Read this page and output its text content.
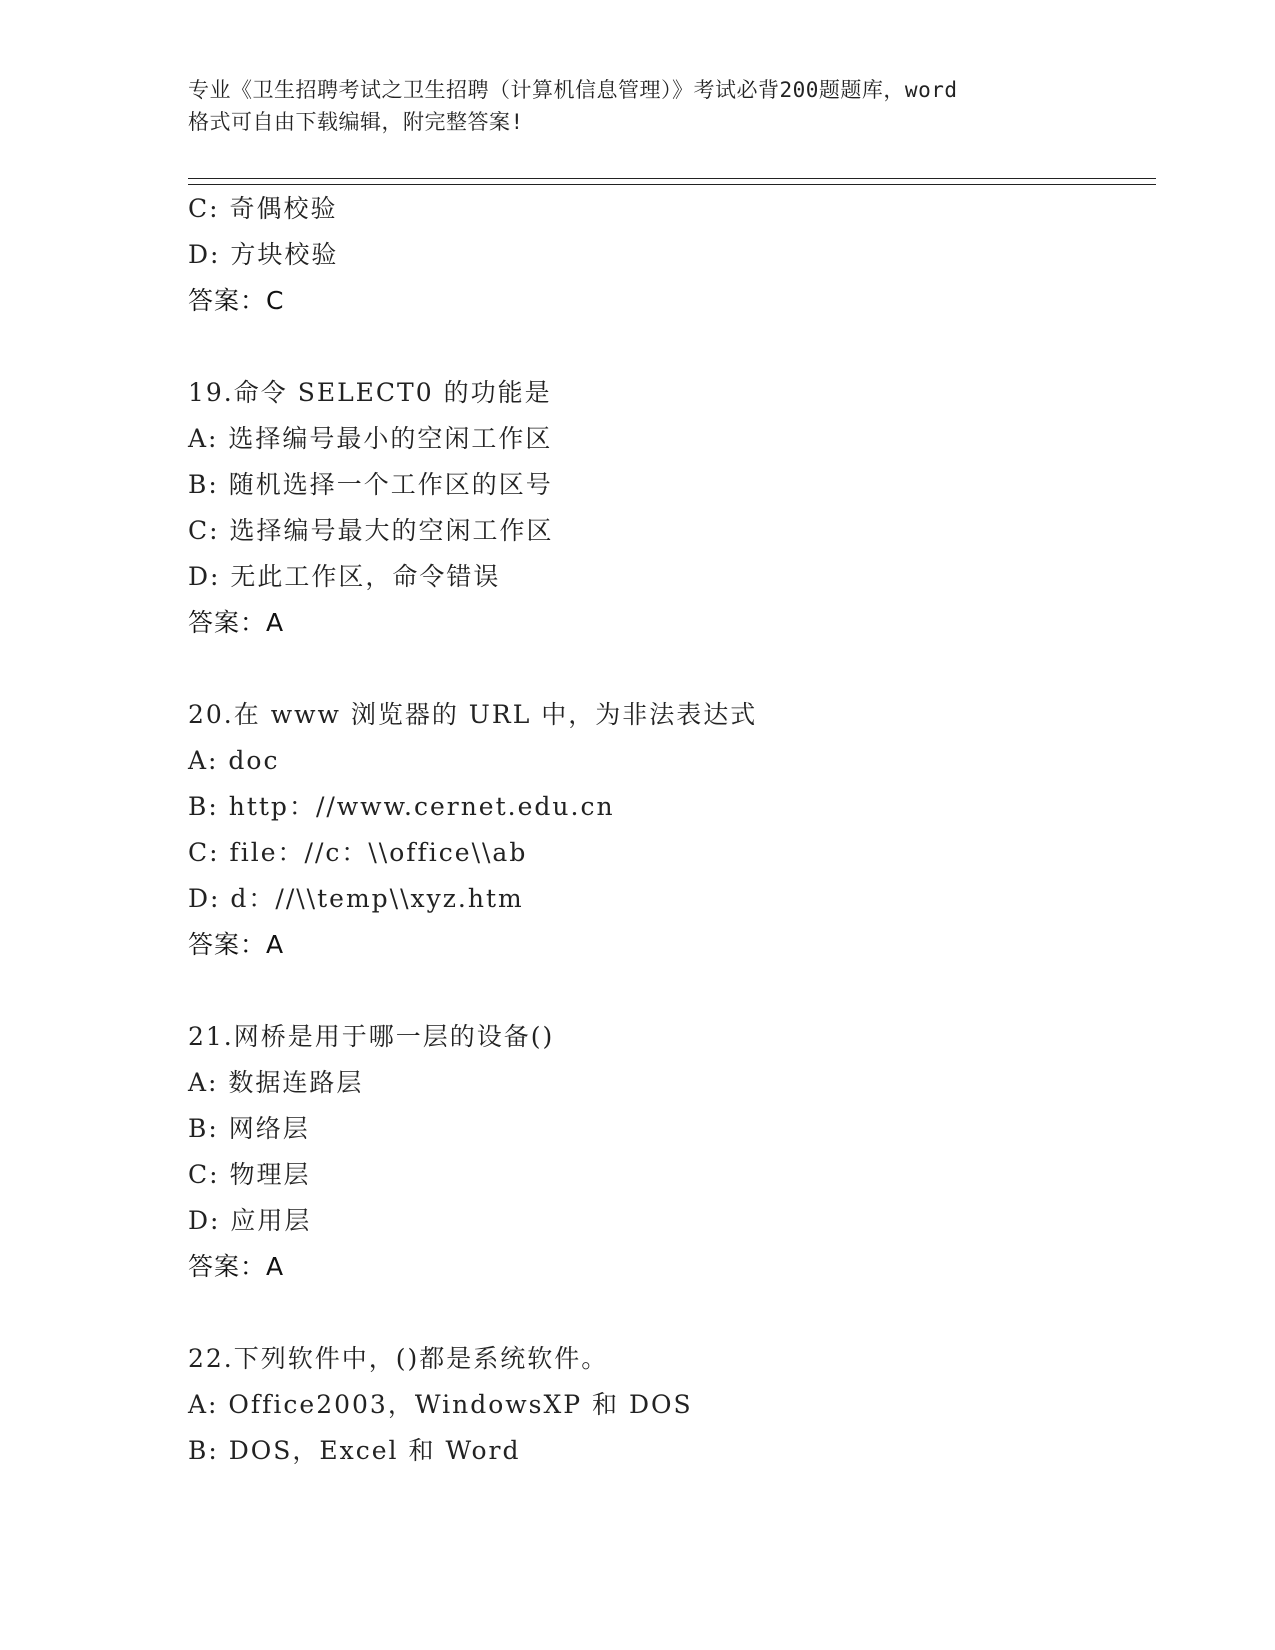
专业《卫生招聘考试之卫生招聘（计算机信息管理）》考试必背200题题库，word
格式可自由下载编辑，附完整答案!
C: 奇偶校验
D: 方块校验
答案：C
19.命令 SELECT0 的功能是
A: 选择编号最小的空闲工作区
B: 随机选择一个工作区的区号
C: 选择编号最大的空闲工作区
D: 无此工作区，命令错误
答案：A
20.在 www 浏览器的 URL 中，为非法表达式
A: doc
B: http：//www.cernet.edu.cn
C: file：//c：\\office\\ab
D: d：//\\temp\\xyz.htm
答案：A
21.网桥是用于哪一层的设备()
A: 数据连路层
B: 网络层
C: 物理层
D: 应用层
答案：A
22.下列软件中，()都是系统软件。
A: Office2003，WindowsXP 和 DOS
B: DOS，Excel 和 Word
